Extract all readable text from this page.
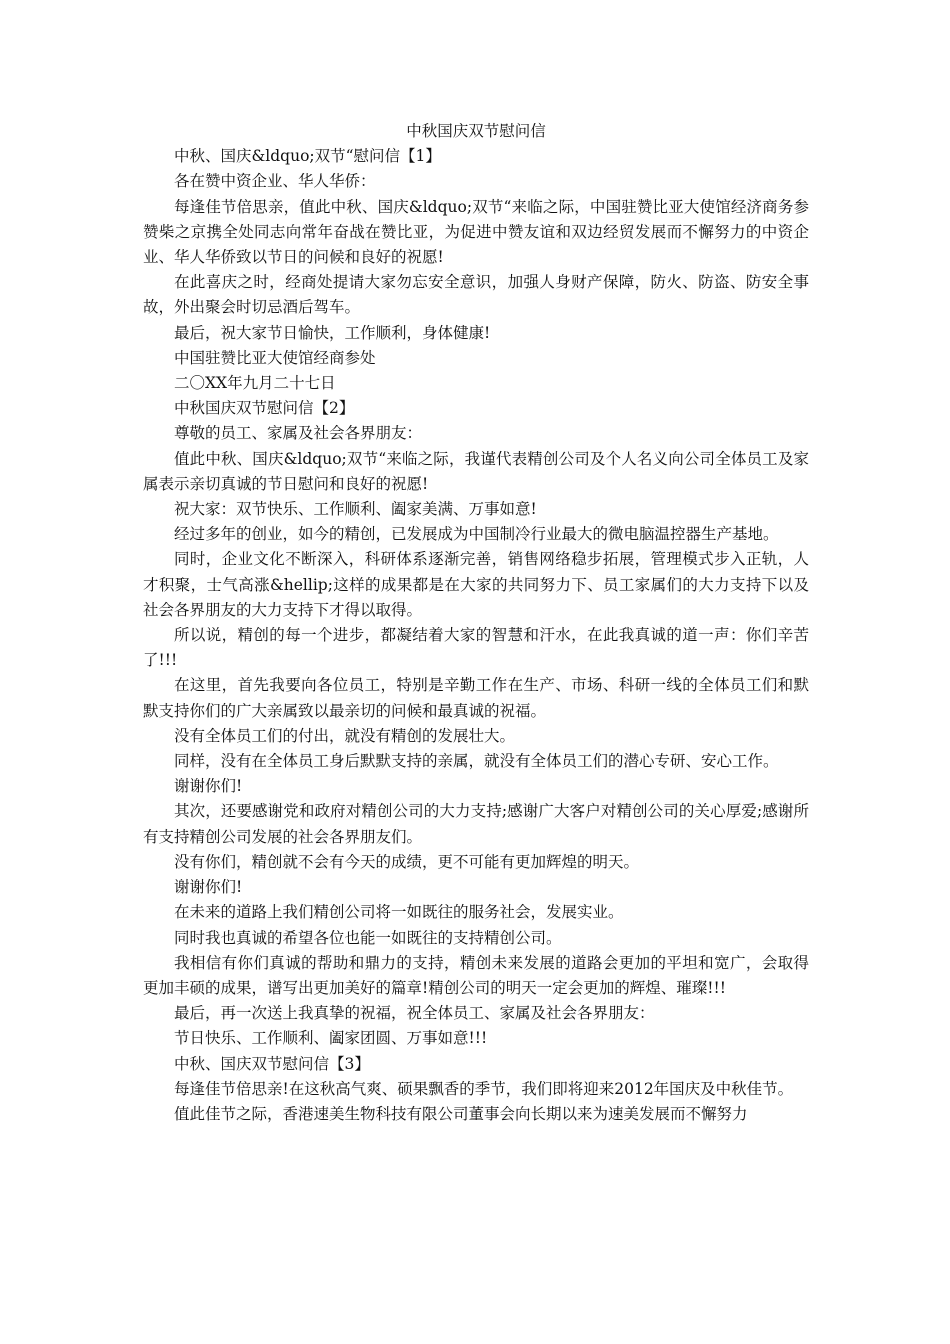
中秋国庆双节慰问信

中秋、国庆&ldquo;双节“慰问信【1】

各在赞中资企业、华人华侨：

每逢佳节倍思亲，值此中秋、国庆&ldquo;双节“来临之际，中国驻赞比亚大使馆经济商务参赞柴之京携全处同志向常年奋战在赞比亚，为促进中赞友谊和双边经贸发展而不懈努力的中资企业、华人华侨致以节日的问候和良好的祝愿!

在此喜庆之时，经商处提请大家勿忘安全意识，加强人身财产保障，防火、防盗、防安全事故，外出聚会时切忌酒后驾车。

最后，祝大家节日愉快，工作顺利，身体健康!

中国驻赞比亚大使馆经商参处

二〇XX年九月二十七日

中秋国庆双节慰问信【2】

尊敬的员工、家属及社会各界朋友：

值此中秋、国庆&ldquo;双节“来临之际，我谨代表精创公司及个人名义向公司全体员工及家属表示亲切真诚的节日慰问和良好的祝愿!

祝大家：双节快乐、工作顺利、阖家美满、万事如意!

经过多年的创业，如今的精创，已发展成为中国制冷行业最大的微电脑温控器生产基地。

同时，企业文化不断深入，科研体系逐渐完善，销售网络稳步拓展，管理模式步入正轨，人才积聚，士气高涨&hellip;这样的成果都是在大家的共同努力下、员工家属们的大力支持下以及社会各界朋友的大力支持下才得以取得。

所以说，精创的每一个进步，都凝结着大家的智慧和汗水，在此我真诚的道一声：你们辛苦了!!!

在这里，首先我要向各位员工，特别是辛勤工作在生产、市场、科研一线的全体员工们和默默支持你们的广大亲属致以最亲切的问候和最真诚的祝福。

没有全体员工们的付出，就没有精创的发展壮大。

同样，没有在全体员工身后默默支持的亲属，就没有全体员工们的潜心专研、安心工作。

谢谢你们!

其次，还要感谢党和政府对精创公司的大力支持;感谢广大客户对精创公司的关心厚爱;感谢所有支持精创公司发展的社会各界朋友们。

没有你们，精创就不会有今天的成绩，更不可能有更加辉煌的明天。

谢谢你们!

在未来的道路上我们精创公司将一如既往的服务社会，发展实业。

同时我也真诚的希望各位也能一如既往的支持精创公司。

我相信有你们真诚的帮助和鼎力的支持，精创未来发展的道路会更加的平坦和宽广，会取得更加丰硕的成果，谱写出更加美好的篇章!精创公司的明天一定会更加的辉煌、璀璨!!!

最后，再一次送上我真挚的祝福，祝全体员工、家属及社会各界朋友：

节日快乐、工作顺利、阖家团圆、万事如意!!!

中秋、国庆双节慰问信【3】

每逢佳节倍思亲!在这秋高气爽、硕果飘香的季节，我们即将迎来2012年国庆及中秋佳节。

值此佳节之际，香港速美生物科技有限公司董事会向长期以来为速美发展而不懈努力
